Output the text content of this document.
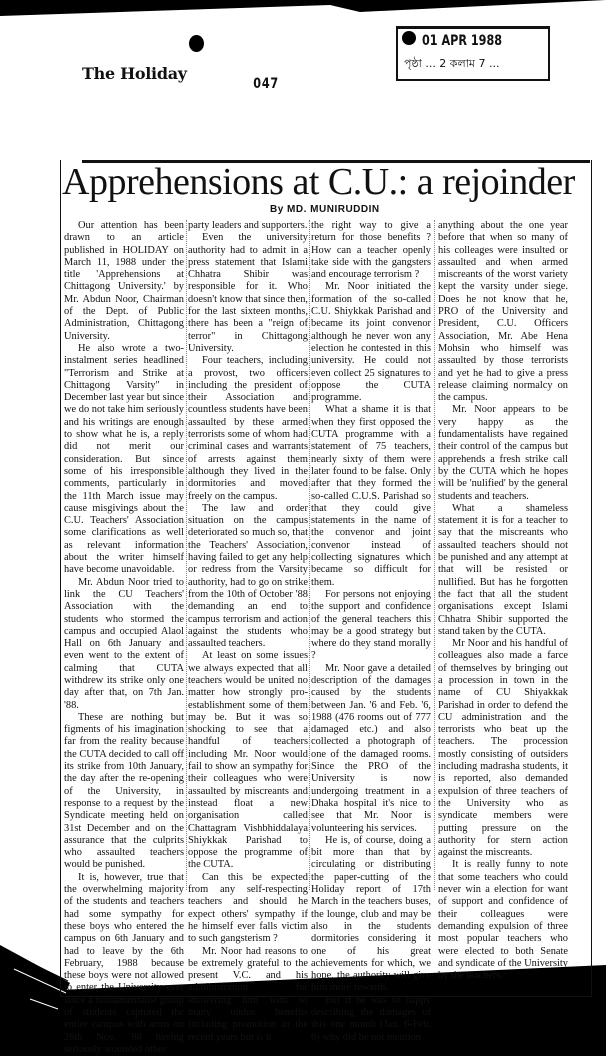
The Holiday
047
01 APR 1988
পৃষ্ঠা ... 2 কলাম 7 ...
Apprehensions at C.U.: a rejoinder
By MD. MUNIRUDDIN

Our attention has been drawn to an article published in HOLIDAY on March 11, 1988 under the title 'Apprehensions at Chittagong University.' by Mr. Abdun Noor, Chairman of the Dept. of Public Administration, Chittagong University.

He also wrote a two-instalment series headlined "Terrorism and Strike at Chittagong Varsity" in December last year but since we do not take him seriously and his writings are enough to show what he is, a reply did not merit our consideration. But since some of his irresponsible comments, particularly in the 11th March issue may cause misgivings about the C.U. Teachers' Association some clarifications as well as relevant information about the writer himself have become unavoidable.

Mr. Abdun Noor tried to link the CU Teachers' Association with the students who stormed the campus and occupied Alaol Hall on 6th January and even went to the extent of calming that CUTA withdrew its strike only one day after that, on 7th Jan. '88.

These are nothing but figments of his imagination far from the reality because the CUTA decided to call off its strike from 10th January, the day after the re-opening of the University, in response to a request by the Syndicate meeting held on 31st December and on the assurance that the culprits who assaulted teachers would be punished.

It is, however, true that the overwhelming majority of the students and teachers had some sympathy for these boys who entered the campus on 6th January and had to leave by the 6th February, 1988 because these boys were not allowed to enter the University ever since a fundamentalist group of students captured the entire campus with arms on 26th Nov. '88 having seriously wounded other

party leaders and supporters.

Even the university authority had to admit in a press statement that Islami Chhatra Shibir was responsible for it. Who doesn't know that since then, for the last sixteen months, there has been a "reign of terror" in Chittagong University.

Four teachers, including a provost, two officers including the president of their Association and countless students have been assaulted by these armed terrorists some of whom had criminal cases and warrants of arrests against them although they lived in the dormitories and moved freely on the campus.

The law and order situation on the campus deteriorated so much so, that the Teachers' Association, having failed to get any help or redress from the Varsity authority, had to go on strike from the 10th of October '88 demanding an end to campus terrorism and action against the students who assaulted teachers.

At least on some issues we always expected that all teachers would be united no matter how strongly pro-establishment some of them may be. But it was so shocking to see that a handful of teachers including Mr. Noor would fail to show an sympathy for their colleagues who were assaulted by miscreants and instead float a new organisation called Chattagram Vishbhiddalaya Shiykkak Parishad to oppose the programme of the CUTA.

Can this be expected from any self-respecting teachers and should he expect others' sympathy if he himself ever falls victim to such gangsterism ?

Mr. Noor had reasons to be extremely grateful to the present V.C. and his administration for showering him with so many undue benefits including promotion in the recent years but is it

the right way to give a return for those benefits ? How can a teacher openly take side with the gangsters and encourage terrorism ?

Mr. Noor initiated the formation of the so-called C.U. Shiykkak Parishad and became its joint convenor although he never won any election he contested in this university. He could not even collect 25 signatures to oppose the CUTA programme.

What a shame it is that when they first opposed the CUTA programme with a statement of 75 teachers, nearly sixty of them were later found to be false. Only after that they formed the so-called C.U.S. Parishad so that they could give statements in the name of the convenor and joint convenor instead of collecting signatures which became so difficult for them.

For persons not enjoying the support and confidence of the general teachers this may be a good strategy but where do they stand morally ?

Mr. Noor gave a detailed description of the damages caused by the students between Jan. '6 and Feb. '6, 1988 (476 rooms out of 777 damaged etc.) and also collected a photograph of one of the damaged rooms. Since the PRO of the University is now undergoing treatment in a Dhaka hospital it's nice to see that Mr. Noor is volunteering his services.

He is, of course, doing a bit more than that by circulating or distributing the paper-cutting of the Holiday report of 17th March in the teachers buses, the lounge, club and may be also in the students dormitories considering it one of his great achievements for which, we hope, the authority will give him more rewards.

But if he was so happy describing the damages of this one month (Jan. 6-Feb. 6) why did he not mention

anything about the one year before that when so many of his colleages were insulted or assaulted and when armed miscreants of the worst variety kept the varsity under siege. Does he not know that he, PRO of the University and President, C.U. Officers Association, Mr. Abe Hena Mohsin who himself was assaulted by those terrorists and yet he had to give a press release claiming normalcy on the campus.

Mr. Noor appears to be very happy as the fundamentalists have regained their control of the campus but apprehends a fresh strike call by the CUTA which he hopes will be 'nulified' by the general students and teachers.

What a shameless statement it is for a teacher to say that the miscreants who assaulted teachers should not be punished and any attempt at that will be resisted or nullified. But has he forgotten the fact that all the student organisations except Islami Chhatra Shibir supported the stand taken by the CUTA.

Mr Noor and his handful of colleagues also made a farce of themselves by bringing out a procession in town in the name of CU Shiyakkak Parishad in order to defend the CU administration and the terrorists who beat up the teachers. The procession mostly consisting of outsiders including madrasha students, it is reported, also demanded expulsion of three teachers of the University who as syndicate members were putting pressure on the authority for stern action against the miscreants.

It is really funny to note that some teachers who could never win a election for want of support and confidence of their colleagues were demanding expulsion of three most popular teachers who were elected to both Senate and syndicate of the University by the teachers.
